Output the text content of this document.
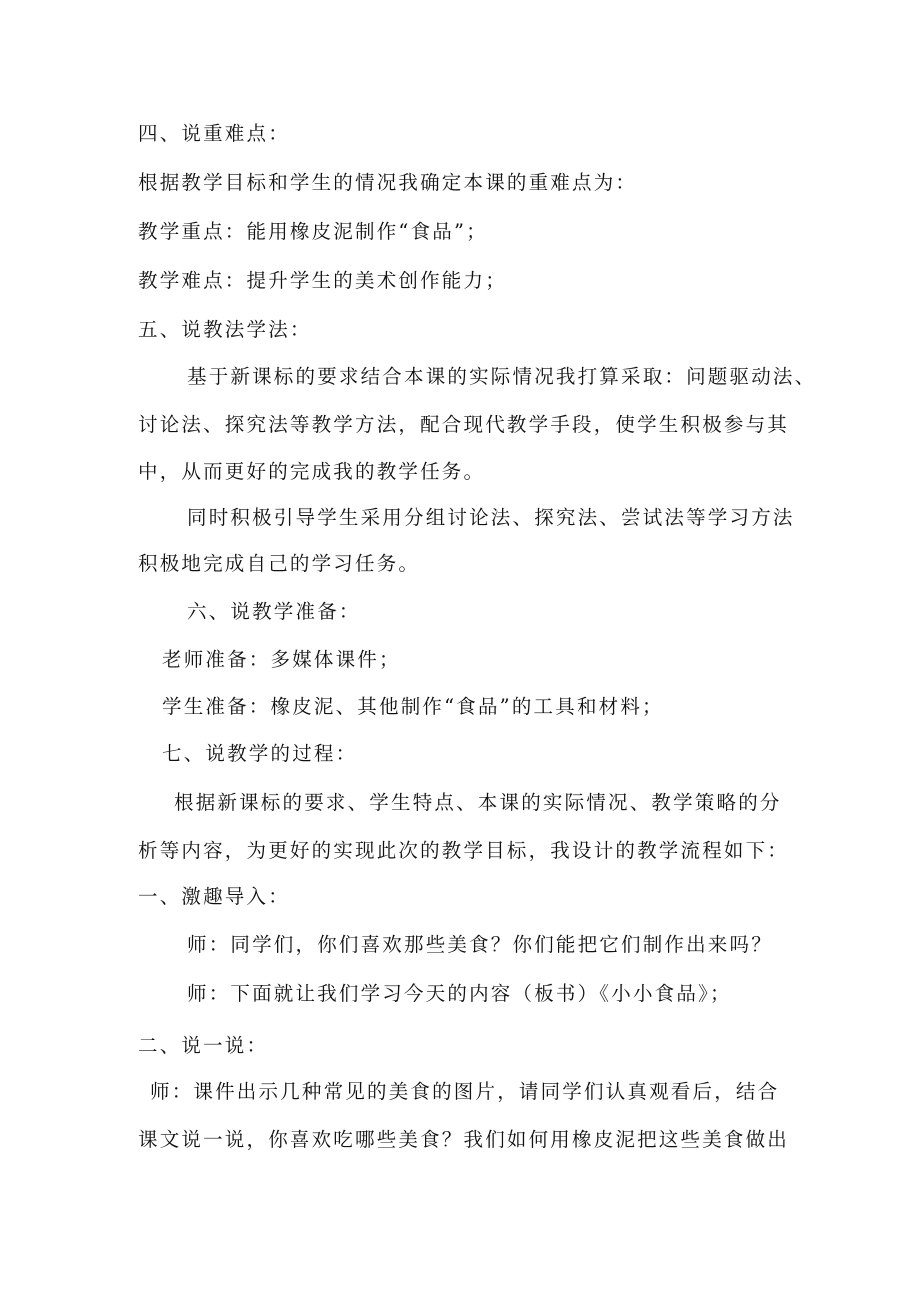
四、说重难点：
根据教学目标和学生的情况我确定本课的重难点为：
教学重点：能用橡皮泥制作“食品”；
教学难点：提升学生的美术创作能力；
五、说教法学法：
基于新课标的要求结合本课的实际情况我打算采取：问题驱动法、
讨论法、探究法等教学方法，配合现代教学手段，使学生积极参与其
中，从而更好的完成我的教学任务。
同时积极引导学生采用分组讨论法、探究法、尝试法等学习方法
积极地完成自己的学习任务。
六、说教学准备：
老师准备：多媒体课件；
学生准备：橡皮泥、其他制作“食品”的工具和材料；
七、说教学的过程：
根据新课标的要求、学生特点、本课的实际情况、教学策略的分
析等内容，为更好的实现此次的教学目标，我设计的教学流程如下：
一、激趣导入：
师：同学们，你们喜欢那些美食？你们能把它们制作出来吗？
师：下面就让我们学习今天的内容（板书）《小小食品》；
二、说一说：
师：课件出示几种常见的美食的图片，请同学们认真观看后，结合
课文说一说，你喜欢吃哪些美食？我们如何用橡皮泥把这些美食做出
